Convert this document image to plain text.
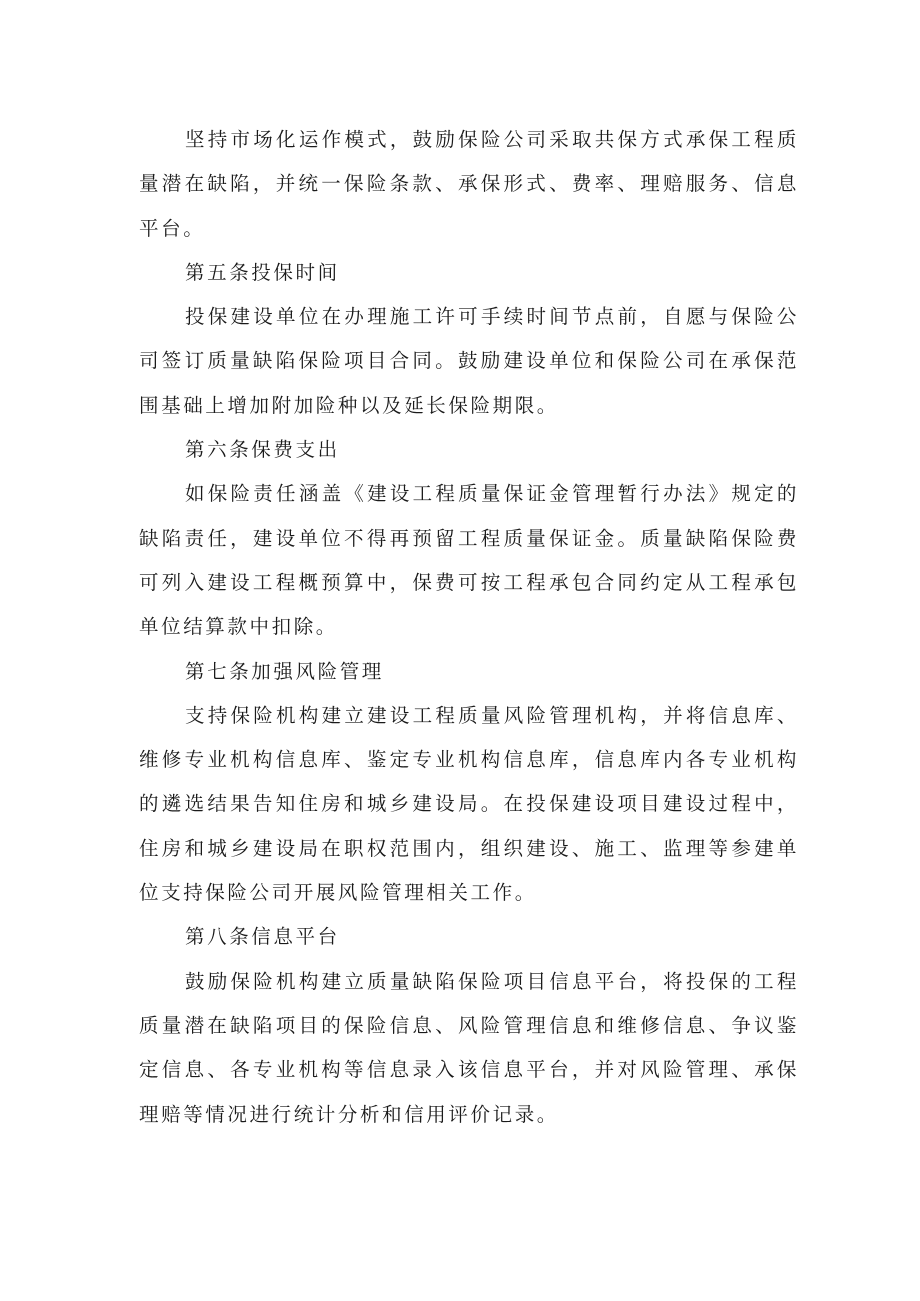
坚持市场化运作模式，鼓励保险公司采取共保方式承保工程质量潜在缺陷，并统一保险条款、承保形式、费率、理赔服务、信息平台。

第五条投保时间

投保建设单位在办理施工许可手续时间节点前，自愿与保险公司签订质量缺陷保险项目合同。鼓励建设单位和保险公司在承保范围基础上增加附加险种以及延长保险期限。

第六条保费支出

如保险责任涵盖《建设工程质量保证金管理暂行办法》规定的缺陷责任，建设单位不得再预留工程质量保证金。质量缺陷保险费可列入建设工程概预算中，保费可按工程承包合同约定从工程承包单位结算款中扣除。

第七条加强风险管理

支持保险机构建立建设工程质量风险管理机构，并将信息库、维修专业机构信息库、鉴定专业机构信息库，信息库内各专业机构的遴选结果告知住房和城乡建设局。在投保建设项目建设过程中，住房和城乡建设局在职权范围内，组织建设、施工、监理等参建单位支持保险公司开展风险管理相关工作。

第八条信息平台

鼓励保险机构建立质量缺陷保险项目信息平台，将投保的工程质量潜在缺陷项目的保险信息、风险管理信息和维修信息、争议鉴定信息、各专业机构等信息录入该信息平台，并对风险管理、承保理赔等情况进行统计分析和信用评价记录。
